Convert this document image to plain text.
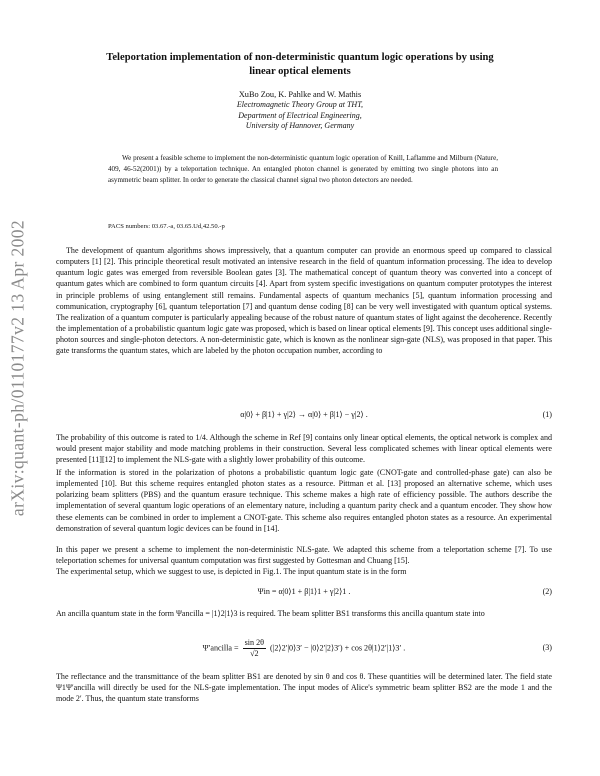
arXiv:quant-ph/0110177v2 13 Apr 2002
Teleportation implementation of non-deterministic quantum logic operations by using
linear optical elements
XuBo Zou, K. Pahlke and W. Mathis
Electromagnetic Theory Group at THT,
Department of Electrical Engineering,
University of Hannover, Germany
We present a feasible scheme to implement the non-deterministic quantum logic operation of Knill, Laflamme and Milburn (Nature, 409, 46-52(2001)) by a teleportation technique. An entangled photon channel is generated by emitting two single photons into an asymmetric beam splitter. In order to generate the classical channel signal two photon detectors are needed.
PACS numbers: 03.67.-a, 03.65.Ud,42.50.-p
The development of quantum algorithms shows impressively, that a quantum computer can provide an enormous speed up compared to classical computers [1] [2]. This principle theoretical result motivated an intensive research in the field of quantum information processing. The idea to develop quantum logic gates was emerged from reversible Boolean gates [3]. The mathematical concept of quantum theory was converted into a concept of quantum gates which are combined to form quantum circuits [4]. Apart from system specific investigations on quantum computer prototypes the interest in principle problems of using entanglement still remains. Fundamental aspects of quantum mechanics [5], quantum information processing and communication, cryptography [6], quantum teleportation [7] and quantum dense coding [8] can be very well investigated with quantum optical systems. The realization of a quantum computer is particularly appealing because of the robust nature of quantum states of light against the decoherence. Recently the implementation of a probabilistic quantum logic gate was proposed, which is based on linear optical elements [9]. This concept uses additional single-photon sources and single-photon detectors. A non-deterministic gate, which is known as the nonlinear sign-gate (NLS), was proposed in that paper. This gate transforms the quantum states, which are labeled by the photon occupation number, according to
α|0⟩ + β|1⟩ + γ|2⟩ → α|0⟩ + β|1⟩ − γ|2⟩ .	(1)
The probability of this outcome is rated to 1/4. Although the scheme in Ref [9] contains only linear optical elements, the optical network is complex and would present major stability and mode matching problems in their construction. Several less complicated schemes with linear optical elements were presented [11][12] to implement the NLS-gate with a slightly lower probability of this outcome.
If the information is stored in the polarization of photons a probabilistic quantum logic gate (CNOT-gate and controlled-phase gate) can also be implemented [10]. But this scheme requires entangled photon states as a resource. Pittman et al. [13] proposed an alternative scheme, which uses polarizing beam splitters (PBS) and the quantum erasure technique. This scheme makes a high rate of efficiency possible. The authors describe the implementation of several quantum logic operations of an elementary nature, including a quantum parity check and a quantum encoder. They show how these elements can be combined in order to implement a CNOT-gate. This scheme also requires entangled photon states as a resource. An experimental demonstration of several quantum logic devices can be found in [14].
In this paper we present a scheme to implement the non-deterministic NLS-gate. We adapted this scheme from a teleportation scheme [7]. To use teleportation schemes for universal quantum computation was first suggested by Gottesman and Chuang [15].
The experimental setup, which we suggest to use, is depicted in Fig.1. The input quantum state is in the form
Ψin = α|0⟩1 + β|1⟩1 + γ|2⟩1 .	(2)
An ancilla quantum state in the form Ψancilla = |1⟩2|1⟩3 is required. The beam splitter BS1 transforms this ancilla quantum state into
Ψ′ancilla = $\frac{\sin 2\theta}{√2}$ (|2⟩2′|0⟩3′ − |0⟩2′|2⟩3′) + cos 2θ|1⟩2′|1⟩3′ .	(3)
The reflectance and the transmittance of the beam splitter BS1 are denoted by sin θ and cos θ. These quantities will be determined later. The field state Ψ1Ψ′ancilla will directly be used for the NLS-gate implementation. The input modes of Alice's symmetric beam splitter BS2 are the mode 1 and the mode 2′. Thus, the quantum state transforms
